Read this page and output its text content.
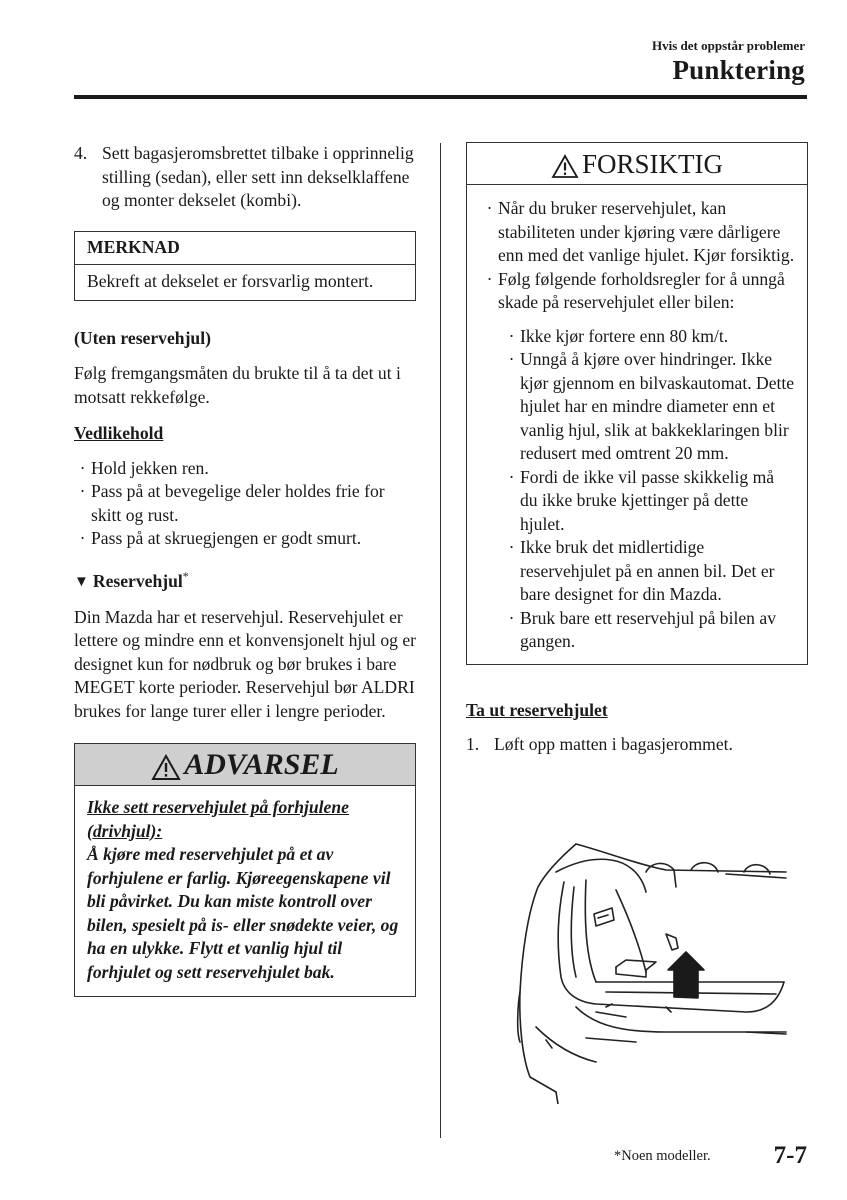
Hvis det oppstår problemer
Punktering
4. Sett bagasjeromsbrettet tilbake i opprinnelig stilling (sedan), eller sett inn dekselklaffene og monter dekselet (kombi).
MERKNAD
Bekreft at dekselet er forsvarlig montert.

(Uten reservehjul)

Følg fremgangsmåten du brukte til å ta det ut i motsatt rekkefølge.

Vedlikehold

· Hold jekken ren.
· Pass på at bevegelige deler holdes frie for skitt og rust.
· Pass på at skruegjengen er godt smurt.

▼ Reservehjul*

Din Mazda har et reservehjul. Reservehjulet er lettere og mindre enn et konvensjonelt hjul og er designet kun for nødbruk og bør brukes i bare MEGET korte perioder. Reservehjul bør ALDRI brukes for lange turer eller i lengre perioder.

ADVARSEL

Ikke sett reservehjulet på forhjulene (drivhjul):

Å kjøre med reservehjulet på et av forhjulene er farlig. Kjøreegenskapene vil bli påvirket. Du kan miste kontroll over bilen, spesielt på is- eller snødekte veier, og ha en ulykke. Flytt et vanlig hjul til forhjulet og sett reservehjulet bak.

FORSIKTIG
· Når du bruker reservehjulet, kan stabiliteten under kjøring være dårligere enn med det vanlige hjulet. Kjør forsiktig.
· Følg følgende forholdsregler for å unngå skade på reservehjulet eller bilen:
· Ikke kjør fortere enn 80 km/t.
· Unngå å kjøre over hindringer. Ikke kjør gjennom en bilvaskautomat. Dette hjulet har en mindre diameter enn et vanlig hjul, slik at bakkeklaringen blir redusert med omtrent 20 mm.
· Fordi de ikke vil passe skikkelig må du ikke bruke kjettinger på dette hjulet.
· Ikke bruk det midlertidige reservehjulet på en annen bil. Det er bare designet for din Mazda.
· Bruk bare ett reservehjul på bilen av gangen.

Ta ut reservehjulet

1. Løft opp matten i bagasjerommet.
*Noen modeller.	7-7
